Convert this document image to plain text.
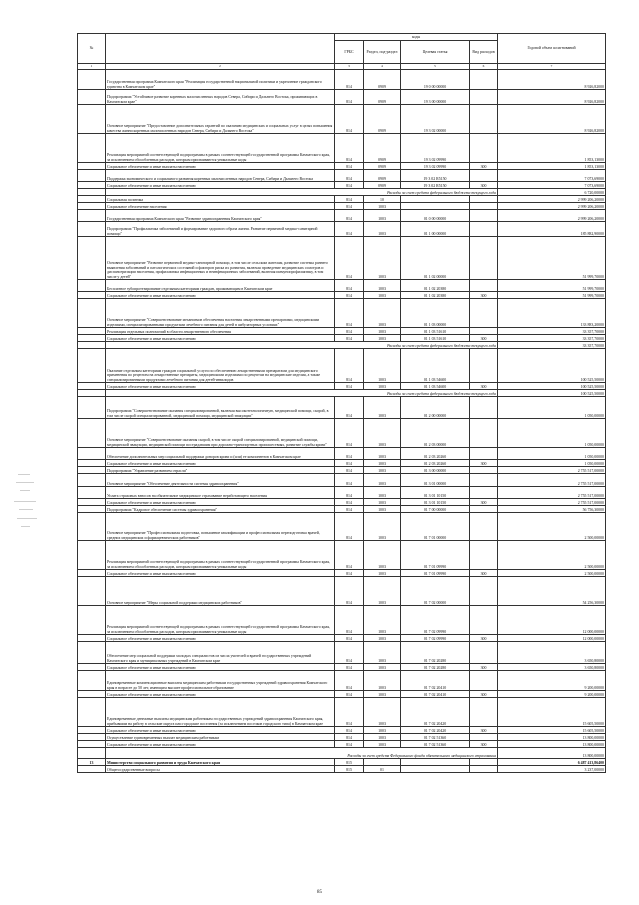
№		коды				Годовой объем ассигнований
		ГРБС	Раздел, под-раздел	Целевая статья	Вид расходов	
1	2	3	4	5	6	7
	Государственная программа Камчатского края "Реализация государственной национальной политики и укрепление гражданского единства в Камчатском крае"	814	0909	19 0 00 00000		8 926,82000
	Подпрограмма "Устойчивое развитие коренных малочисленных народов Севера, Сибири и Дальнего Востока, проживающих в Камчатском крае"	814	0909	19 3 00 00000		8 926,82000
	Основное мероприятие "Предоставление дополнительных гарантий по оказанию медицинских и социальных услуг в целях повышения качества жизни коренных малочисленных народов Севера, Сибири и Дальнего Востока"	814	0909	19 3 02 00000		8 926,82000
	Реализация мероприятий соответствующей подпрограммы в рамках соответствующей государственной программы Камчатского края, за исключением обособленных расходов, которым присваиваются уникальные коды	814	0909	19 3 02 09990		1 853,13000
	Социальное обеспечение и иные выплаты населению	814	0909	19 3 02 09990	300	1 853,13000
	Поддержка экономического и социального развития коренных малочисленных народов Севера, Сибири и Дальнего Востока	814	0909	19 3 02 R5150		7 073,69000
	Социальное обеспечение и иные выплаты населению	814	0909	19 3 02 R5150	300	7 073,69000
	Расходы за счет средств федерального бюджета текущего года					6 720,00000
	Социальная политика	814	10			2 999 206,20000
	Социальное обеспечение населения	814	1003			2 999 206,20000
	Государственная программа Камчатского края "Развитие здравоохранения Камчатского края"	814	1003	01 0 00 00000		2 999 206,20000
	Подпрограмма "Профилактика заболеваний и формирование здорового образа жизни. Развитие первичной медико-санитарной помощи"	814	1003	01 1 00 00000		185 882,90000
	Основное мероприятие "Развитие первичной медико-санитарной помощи, в том числе сельским жителям, развитие системы раннего выявления заболеваний и патологических состояний и факторов риска их развития, включая проведение медицинских осмотров и диспансеризации населения, профилактика инфекционных и неинфекционных заболеваний, включая иммунопрофилактику, в том числе у детей"	814	1003	01 1 02 00000		51 999,70000
	Бесплатное зубопротезирование отдельным категориям граждан, проживающим в Камчатском крае	814	1003	01 1 02 20380		51 999,70000
	Социальное обеспечение и иные выплаты населению	814	1003	01 1 02 20380	300	51 999,70000
	Основное мероприятие "Совершенствование механизмов обеспечения населения лекарственными препаратами, медицинскими изделиями, специализированными продуктами лечебного питания для детей в амбулаторных условиях"	814	1003	01 1 03 00000		133 883,20000
	Реализация отдельных полномочий в области лекарственного обеспечения	814	1003	01 1 03 51610		33 357,70000
	Социальное обеспечение и иные выплаты населению	814	1003	01 1 03 51610	300	33 357,70000
	Расходы за счет средств федерального бюджета текущего года					33 357,70000
	Оказание отдельным категориям граждан социальной услуги по обеспечению лекарственными препаратами для медицинского применения по рецептам на лекарственные препараты, медицинскими изделиями по рецептам на медицинские изделия, а также специализированными продуктами лечебного питания для детей-инвалидов	814	1003	01 1 03 54600		100 525,50000
	Социальное обеспечение и иные выплаты населению	814	1003	01 1 03 54600	300	100 525,50000
	Расходы за счет средств федерального бюджета текущего года					100 525,50000
	Подпрограмма "Совершенствование оказания специализированной, включая высокотехнологичную, медицинской помощи, скорой, в том числе скорой специализированной, медицинской помощи, медицинской эвакуации"	814	1003	01 2 00 00000		1 050,00000
	Основное мероприятие "Совершенствование оказания скорой, в том числе скорой специализированной, медицинской помощи, медицинской эвакуации, медицинской помощи пострадавшим при дорожно-транспортных происшествиях, развитие службы крови"	814	1003	01 2 03 00000		1 050,00000
	Обеспечение дополнительных мер социальной поддержки доноров крови и (или) ее компонентов в Камчатском крае	814	1003	01 2 03 20260		1 050,00000
	Социальное обеспечение и иные выплаты населению	814	1003	01 2 03 20260	300	1 050,00000
	Подпрограмма "Управление развитием отрасли"	814	1003	01 3 00 00000		2 755 517,00000
	Основное мероприятие "Обеспечение деятельности системы здравоохранения"	814	1003	01 3 01 00000		2 755 517,00000
	Уплата страховых взносов на обязательное медицинское страхование неработающего населения	814	1003	01 3 01 10150		2 755 517,00000
	Социальное обеспечение и иные выплаты населению	814	1003	01 3 01 10150	300	2 755 517,00000
	Подпрограмма "Кадровое обеспечение системы здравоохранения"	814	1003	01 7 00 00000		56 756,30000
	Основное мероприятие "Профессиональная подготовка, повышение квалификации и профессиональная переподготовка врачей, средних медицинских и фармацевтических работников"	814	1003	01 7 01 00000		2 500,00000
	Реализация мероприятий соответствующей подпрограммы в рамках соответствующей государственной программы Камчатского края, за исключением обособленных расходов, которым присваиваются уникальные коды	814	1003	01 7 01 09990		2 500,00000
	Социальное обеспечение и иные выплаты населению	814	1003	01 7 01 09990	300	2 500,00000
	Основное мероприятие "Меры социальной поддержки медицинских работников"	814	1003	01 7 02 00000		54 256,30000
	Реализация мероприятий соответствующей подпрограммы в рамках соответствующей государственной программы Камчатского края, за исключением обособленных расходов, которым присваиваются уникальные коды	814	1003	01 7 02 09990		12 000,00000
	Социальное обеспечение и иные выплаты населению	814	1003	01 7 02 09990	300	12 000,00000
	Обеспечение мер социальной поддержки молодых специалистов из числа учителей и врачей государственных учреждений Камчатского края и муниципальных учреждений в Камчатском крае	814	1003	01 7 02 20280		3 650,80000
	Социальное обеспечение и иные выплаты населению	814	1003	01 7 02 20280	300	3 650,80000
	Единовременные компенсационные выплаты медицинским работникам государственных учреждений здравоохранения Камчатского края в возрасте до 50 лет, имеющим высшее профессиональное образование	814	1003	01 7 02 20410		9 200,00000
	Социальное обеспечение и иные выплаты населению	814	1003	01 7 02 20410	300	9 200,00000
	Единовременные денежные выплаты медицинским работникам государственных учреждений здравоохранения Камчатского края, прибывшим на работу в сельские округа или городские поселения (за исключением поселков городского типа) в Камчатском крае	814	1003	01 7 02 20420		15 605,50000
	Социальное обеспечение и иные выплаты населению	814	1003	01 7 02 20420	300	15 605,50000
	Осуществление единовременных выплат медицинским работникам	814	1003	01 7 02 51360		13 800,00000
	Социальное обеспечение и иные выплаты населению	814	1003	01 7 02 51360	300	13 800,00000
	Расходы за счет средств Федерального фонда обязательного медицинского страхования					13 800,00000
13	Министерство социального развития и труда Камчатского края	815				6 487 413,86400
	Общегосударственные вопросы	815	01			3 237,00000
85
